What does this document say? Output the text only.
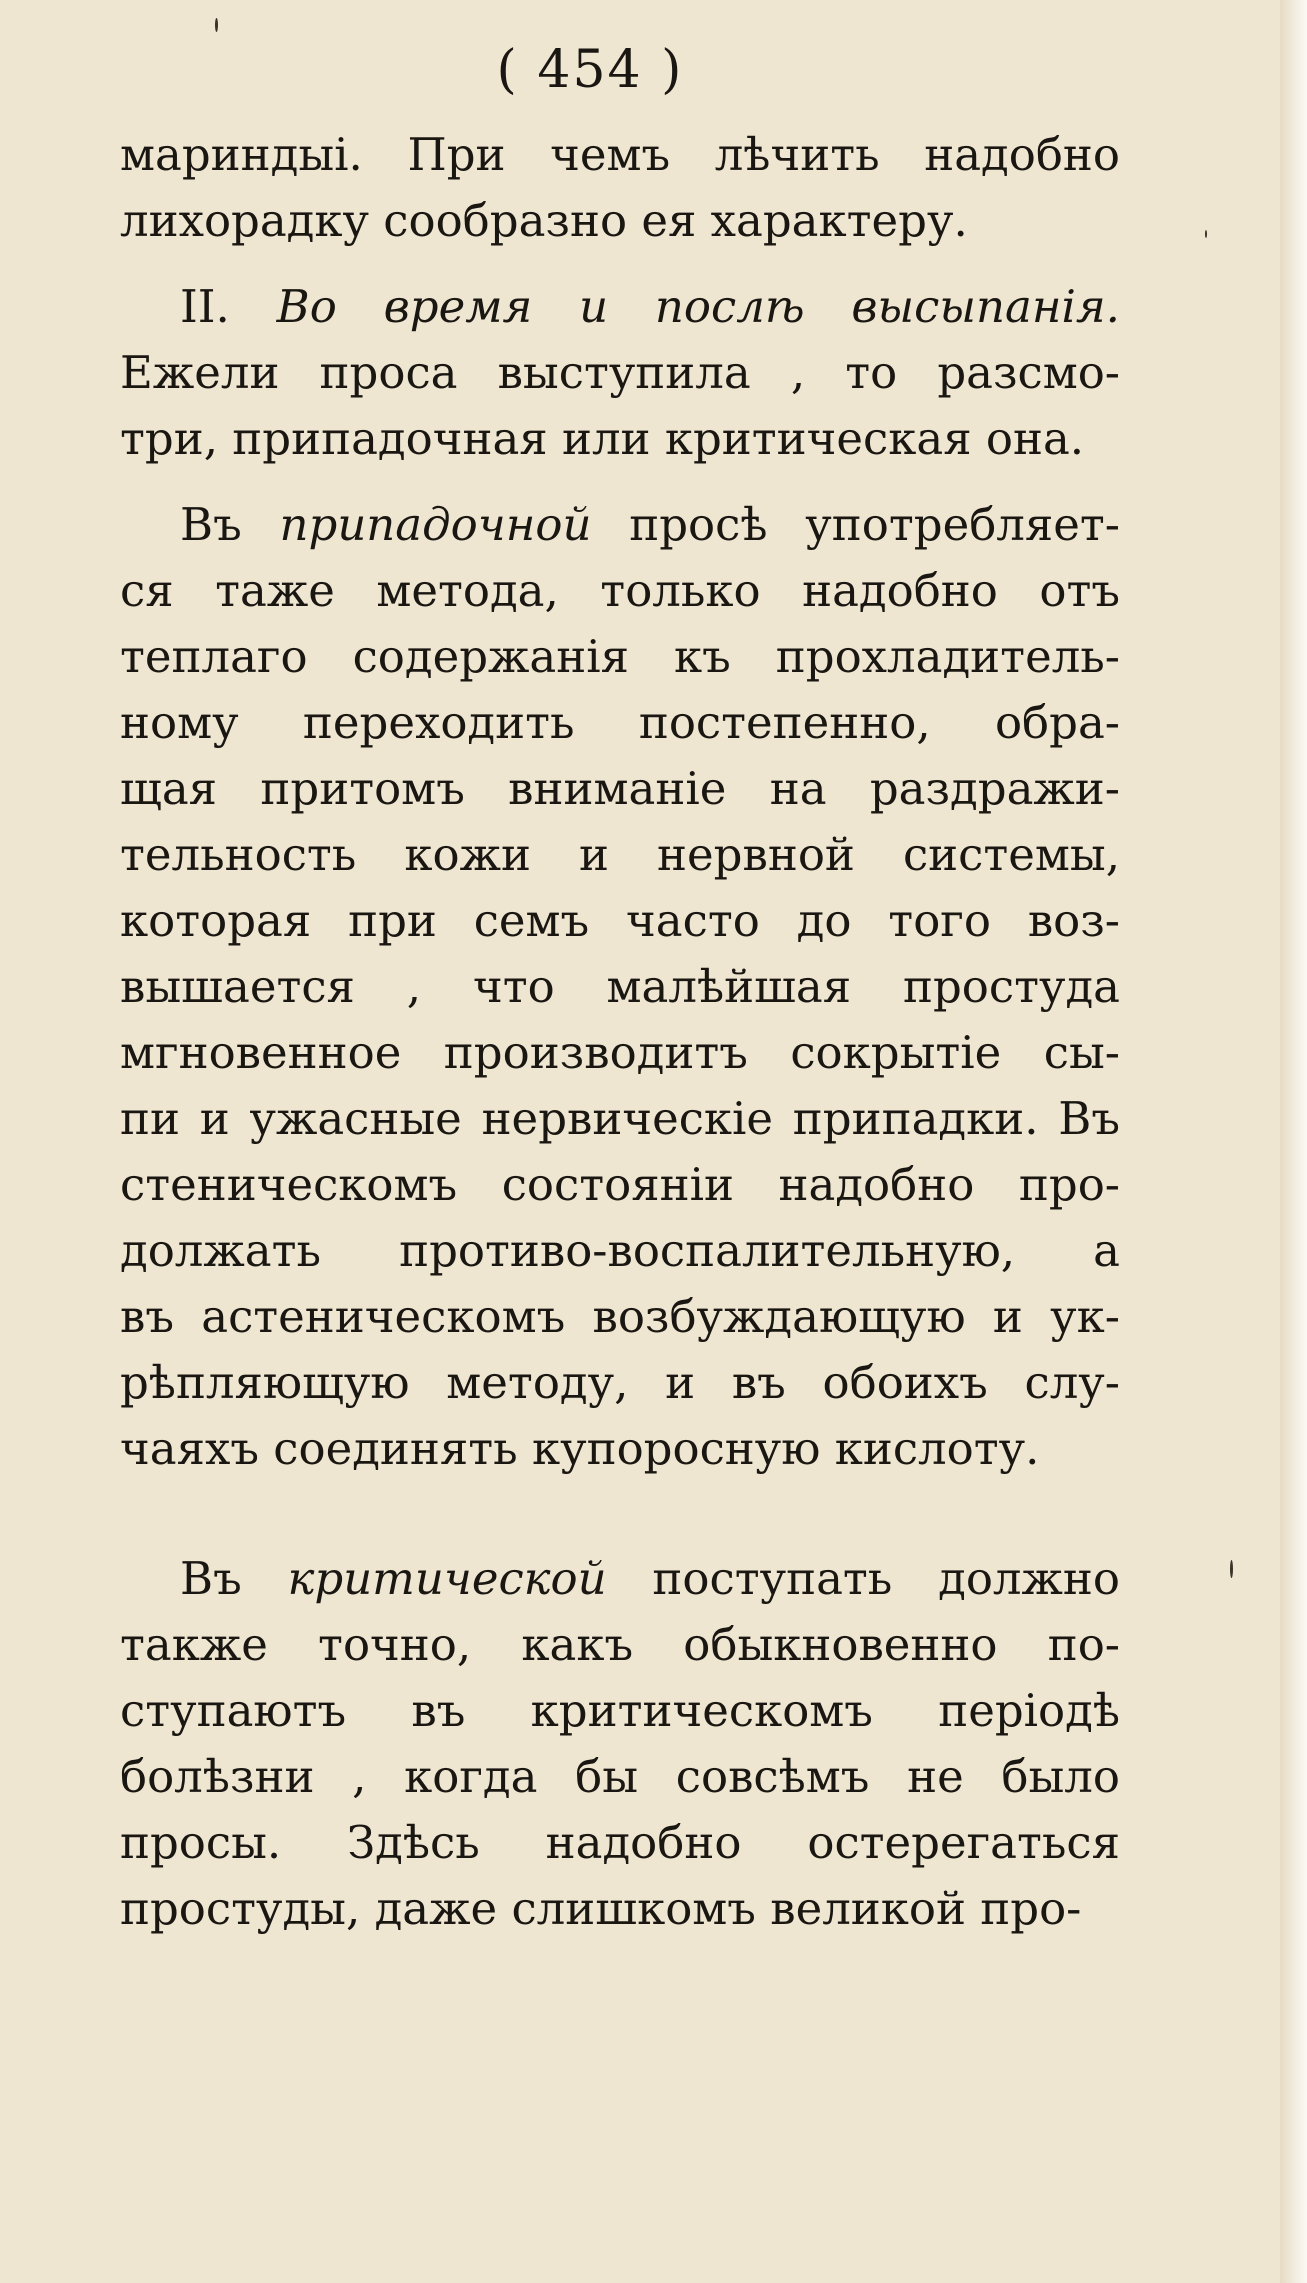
( 454 )
мариндыі. При чемъ лѣчить надобно
лихорадку сообразно ея характеру.
II. Во время и послѣ высыпанія.
Ежели проса выступила , то разсмо-
три, припадочная или критическая она.
Въ припадочной просѣ употребляет-
ся таже метода, только надобно отъ
теплаго содержанія къ прохладитель-
ному переходить постепенно, обра-
щая притомъ вниманіе на раздражи-
тельность кожи и нервной системы,
которая при семъ часто до того воз-
вышается , что малѣйшая простуда
мгновенное производитъ сокрытіе сы-
пи и ужасные нервическіе припадки. Въ
стеническомъ состояніи надобно про-
должать противо-воспалительную, а
въ астеническомъ возбуждающую и ук-
рѣпляющую методу, и въ обоихъ слу-
чаяхъ соединять купоросную кислоту.
Въ критической поступать должно
также точно, какъ обыкновенно по-
ступаютъ въ критическомъ періодѣ
болѣзни , когда бы совсѣмъ не было
просы. Здѣсь надобно остерегаться
простуды, даже слишкомъ великой про-
